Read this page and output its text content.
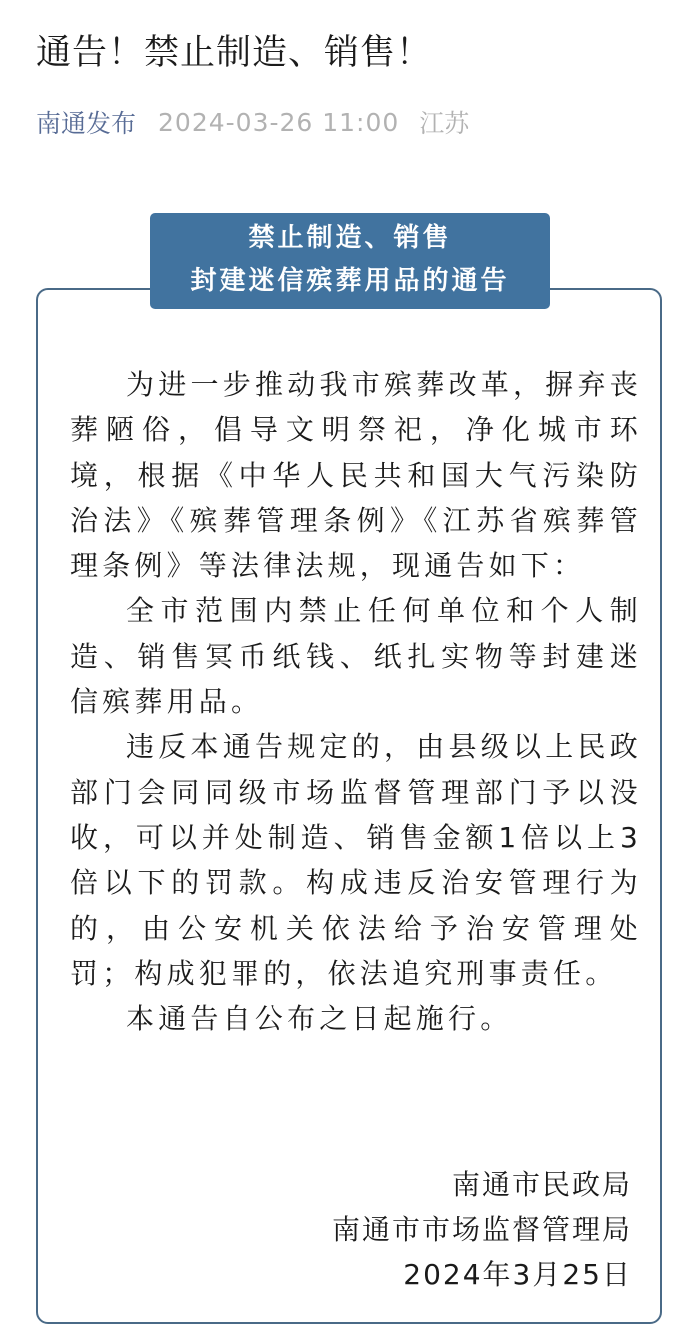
通告！禁止制造、销售！
南通发布 2024-03-26 11:00 江苏
禁止制造、销售
封建迷信殡葬用品的通告

为进一步推动我市殡葬改革，摒弃丧葬陋俗，倡导文明祭祀，净化城市环境，根据《中华人民共和国大气污染防治法》《殡葬管理条例》《江苏省殡葬管理条例》等法律法规，现通告如下：

全市范围内禁止任何单位和个人制造、销售冥币纸钱、纸扎实物等封建迷信殡葬用品。

违反本通告规定的，由县级以上民政部门会同同级市场监督管理部门予以没收，可以并处制造、销售金额1倍以上3倍以下的罚款。构成违反治安管理行为的，由公安机关依法给予治安管理处罚；构成犯罪的，依法追究刑事责任。

本通告自公布之日起施行。

南通市民政局
南通市市场监督管理局
2024年3月25日
